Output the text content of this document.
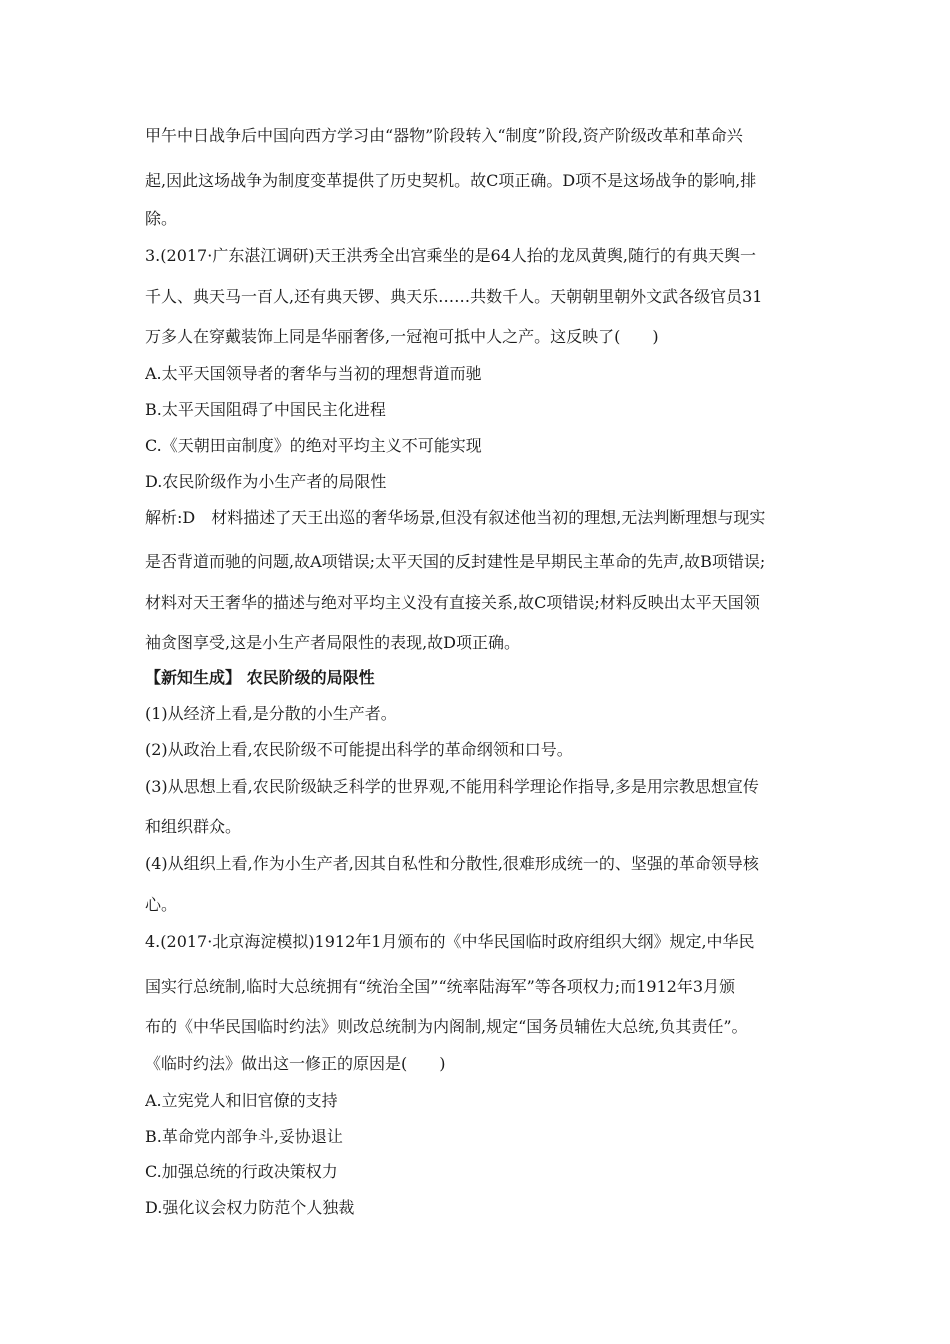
甲午中日战争后中国向西方学习由“器物”阶段转入“制度”阶段,资产阶级改革和革命兴
起,因此这场战争为制度变革提供了历史契机。故C项正确。D项不是这场战争的影响,排
除。
3.(2017·广东湛江调研)天王洪秀全出宫乘坐的是64人抬的龙凤黄舆,随行的有典天舆一
千人、典天马一百人,还有典天锣、典天乐……共数千人。天朝朝里朝外文武各级官员31
万多人在穿戴装饰上同是华丽奢侈,一冠袍可抵中人之产。这反映了(　　)
A.太平天国领导者的奢华与当初的理想背道而驰
B.太平天国阻碍了中国民主化进程
C.《天朝田亩制度》的绝对平均主义不可能实现
D.农民阶级作为小生产者的局限性
解析:D　材料描述了天王出巡的奢华场景,但没有叙述他当初的理想,无法判断理想与现实
是否背道而驰的问题,故A项错误;太平天国的反封建性是早期民主革命的先声,故B项错误;
材料对天王奢华的描述与绝对平均主义没有直接关系,故C项错误;材料反映出太平天国领
袖贪图享受,这是小生产者局限性的表现,故D项正确。
【新知生成】 农民阶级的局限性
(1)从经济上看,是分散的小生产者。
(2)从政治上看,农民阶级不可能提出科学的革命纲领和口号。
(3)从思想上看,农民阶级缺乏科学的世界观,不能用科学理论作指导,多是用宗教思想宣传
和组织群众。
(4)从组织上看,作为小生产者,因其自私性和分散性,很难形成统一的、坚强的革命领导核
心。
4.(2017·北京海淀模拟)1912年1月颁布的《中华民国临时政府组织大纲》规定,中华民
国实行总统制,临时大总统拥有“统治全国”“统率陆海军”等各项权力;而1912年3月颁
布的《中华民国临时约法》则改总统制为内阁制,规定“国务员辅佐大总统,负其责任”。
《临时约法》做出这一修正的原因是(　　)
A.立宪党人和旧官僚的支持
B.革命党内部争斗,妥协退让
C.加强总统的行政决策权力
D.强化议会权力防范个人独裁
